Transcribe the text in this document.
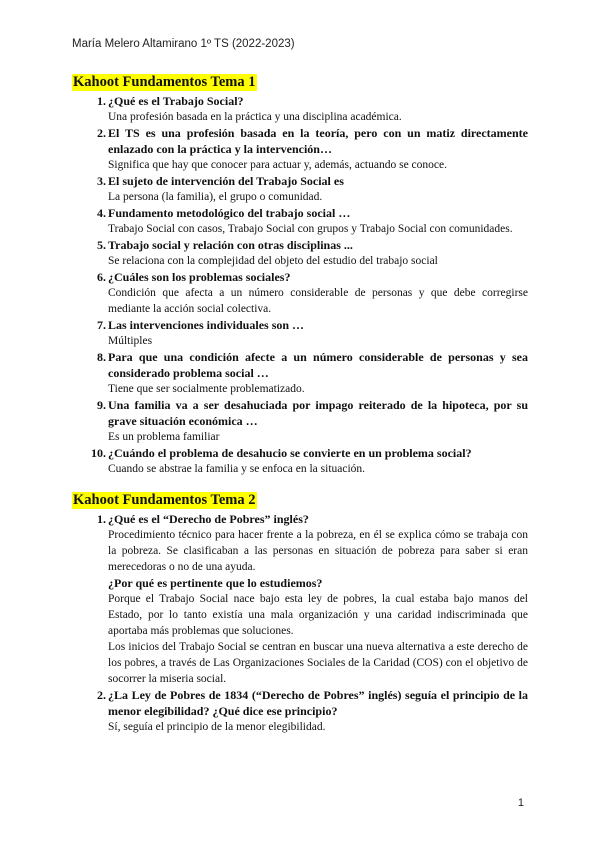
María Melero Altamirano 1º TS (2022-2023)
Kahoot Fundamentos Tema 1
1. ¿Qué es el Trabajo Social?
Una profesión basada en la práctica y una disciplina académica.
2. El TS es una profesión basada en la teoría, pero con un matiz directamente enlazado con la práctica y la intervención…
Significa que hay que conocer para actuar y, además, actuando se conoce.
3. El sujeto de intervención del Trabajo Social es
La persona (la familia), el grupo o comunidad.
4. Fundamento metodológico del trabajo social …
Trabajo Social con casos, Trabajo Social con grupos y Trabajo Social con comunidades.
5. Trabajo social y relación con otras disciplinas ...
Se relaciona con la complejidad del objeto del estudio del trabajo social
6. ¿Cuáles son los problemas sociales?
Condición que afecta a un número considerable de personas y que debe corregirse mediante la acción social colectiva.
7. Las intervenciones individuales son …
Múltiples
8. Para que una condición afecte a un número considerable de personas y sea considerado problema social …
Tiene que ser socialmente problematizado.
9. Una familia va a ser desahuciada por impago reiterado de la hipoteca, por su grave situación económica …
Es un problema familiar
10. ¿Cuándo el problema de desahucio se convierte en un problema social?
Cuando se abstrae la familia y se enfoca en la situación.
Kahoot Fundamentos Tema 2
1. ¿Qué es el “Derecho de Pobres” inglés?
Procedimiento técnico para hacer frente a la pobreza, en él se explica cómo se trabaja con la pobreza. Se clasificaban a las personas en situación de pobreza para saber si eran merecedoras o no de una ayuda.
¿Por qué es pertinente que lo estudiemos?
Porque el Trabajo Social nace bajo esta ley de pobres, la cual estaba bajo manos del Estado, por lo tanto existía una mala organización y una caridad indiscriminada que aportaba más problemas que soluciones.
Los inicios del Trabajo Social se centran en buscar una nueva alternativa a este derecho de los pobres, a través de Las Organizaciones Sociales de la Caridad (COS) con el objetivo de socorrer la miseria social.
2. ¿La Ley de Pobres de 1834 (“Derecho de Pobres” inglés) seguía el principio de la menor elegibilidad? ¿Qué dice ese principio?
Sí, seguía el principio de la menor elegibilidad.
1
